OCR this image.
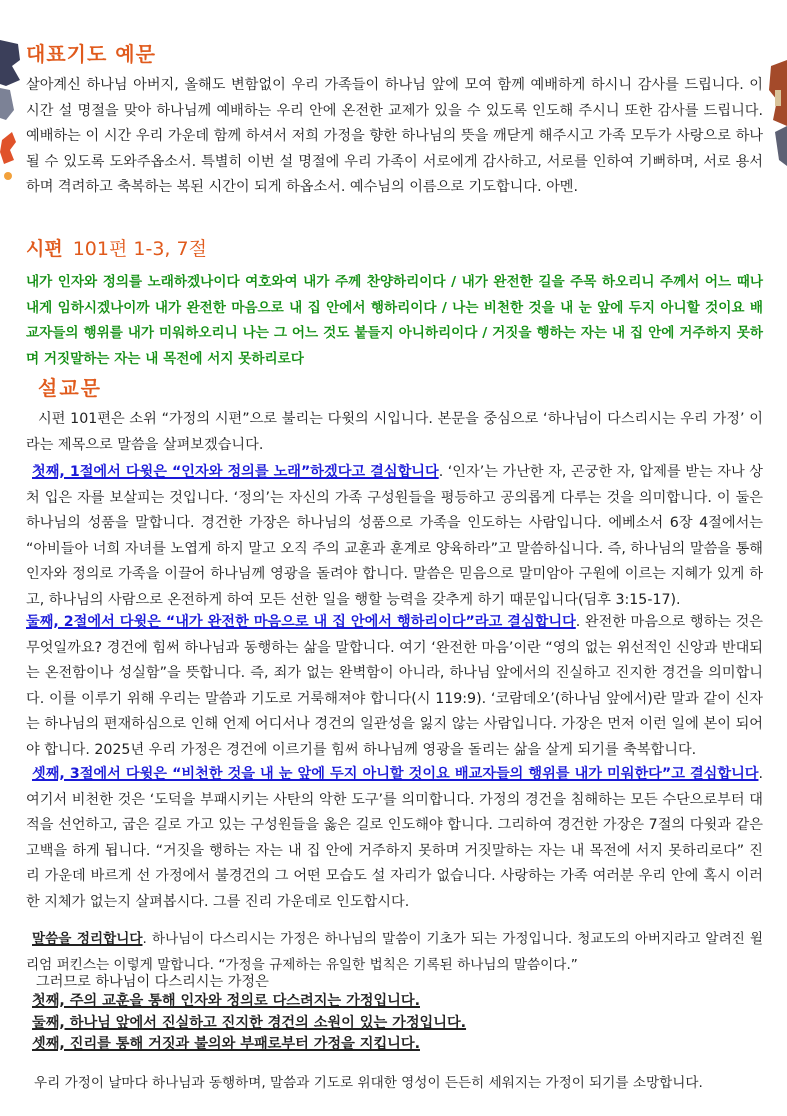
대표기도 예문

살아계신 하나님 아버지, 올해도 변함없이 우리 가족들이 하나님 앞에 모여 함께 예배하게 하시니 감사를 드립니다. 이 시간 설 명절을 맞아 하나님께 예배하는 우리 안에 온전한 교제가 있을 수 있도록 인도해 주시니 또한 감사를 드립니다. 예배하는 이 시간 우리 가운데 함께 하셔서 저희 가정을 향한 하나님의 뜻을 깨닫게 해주시고 가족 모두가 사랑으로 하나될 수 있도록 도와주옵소서. 특별히 이번 설 명절에 우리 가족이 서로에게 감사하고, 서로를 인하여 기뻐하며, 서로 용서하며 격려하고 축복하는 복된 시간이 되게 하옵소서. 예수님의 이름으로 기도합니다. 아멘.

시편 101편 1-3, 7절

내가 인자와 정의를 노래하겠나이다 여호와여 내가 주께 찬양하리이다 / 내가 완전한 길을 주목 하오리니 주께서 어느 때나 내게 임하시겠나이까 내가 완전한 마음으로 내 집 안에서 행하리이다 / 나는 비천한 것을 내 눈 앞에 두지 아니할 것이요 배교자들의 행위를 내가 미워하오리니 나는 그 어느 것도 붙들지 아니하리이다 / 거짓을 행하는 자는 내 집 안에 거주하지 못하며 거짓말하는 자는 내 목전에 서지 못하리로다

설교문

시편 101편은 소위 “가정의 시편”으로 불리는 다윗의 시입니다. 본문을 중심으로 ‘하나님이 다스리시는 우리 가정’ 이라는 제목으로 말씀을 살펴보겠습니다.

첫째, 1절에서 다윗은 “인자와 정의를 노래”하겠다고 결심합니다. ‘인자’는 가난한 자, 곤궁한 자, 압제를 받는 자나 상처 입은 자를 보살피는 것입니다. ‘정의’는 자신의 가족 구성원들을 평등하고 공의롭게 다루는 것을 의미합니다. 이 둘은 하나님의 성품을 말합니다. 경건한 가장은 하나님의 성품으로 가족을 인도하는 사람입니다. 에베소서 6장 4절에서는 “아비들아 너희 자녀를 노엽게 하지 말고 오직 주의 교훈과 훈계로 양육하라”고 말씀하십니다. 즉, 하나님의 말씀을 통해 인자와 정의로 가족을 이끌어 하나님께 영광을 돌려야 합니다. 말씀은 믿음으로 말미암아 구원에 이르는 지혜가 있게 하고, 하나님의 사람으로 온전하게 하여 모든 선한 일을 행할 능력을 갖추게 하기 때문입니다(딤후 3:15-17).

둘째, 2절에서 다윗은 “내가 완전한 마음으로 내 집 안에서 행하리이다”라고 결심합니다. 완전한 마음으로 행하는 것은 무엇일까요? 경건에 힘써 하나님과 동행하는 삶을 말합니다. 여기 ‘완전한 마음’이란 “영의 없는 위선적인 신앙과 반대되는 온전함이나 성실함”을 뜻합니다. 즉, 죄가 없는 완벽함이 아니라, 하나님 앞에서의 진실하고 진지한 경건을 의미합니다. 이를 이루기 위해 우리는 말씀과 기도로 거룩해져야 합니다(시 119:9). ‘코람데오’(하나님 앞에서)란 말과 같이 신자는 하나님의 편재하심으로 인해 언제 어디서나 경건의 일관성을 잃지 않는 사람입니다. 가장은 먼저 이런 일에 본이 되어야 합니다. 2025년 우리 가정은 경건에 이르기를 힘써 하나님께 영광을 돌리는 삶을 살게 되기를 축복합니다.

셋째, 3절에서 다윗은 “비천한 것을 내 눈 앞에 두지 아니할 것이요 배교자들의 행위를 내가 미워한다”고 결심합니다. 여기서 비천한 것은 ‘도덕을 부패시키는 사탄의 악한 도구’를 의미합니다. 가정의 경건을 침해하는 모든 수단으로부터 대적을 선언하고, 굽은 길로 가고 있는 구성원들을 옳은 길로 인도해야 합니다. 그리하여 경건한 가장은 7절의 다윗과 같은 고백을 하게 됩니다. “거짓을 행하는 자는 내 집 안에 거주하지 못하며 거짓말하는 자는 내 목전에 서지 못하리로다” 진리 가운데 바르게 선 가정에서 불경건의 그 어떤 모습도 설 자리가 없습니다. 사랑하는 가족 여러분 우리 안에 혹시 이러한 지체가 없는지 살펴봅시다. 그를 진리 가운데로 인도합시다.

말씀을 정리합니다. 하나님이 다스리시는 가정은 하나님의 말씀이 기초가 되는 가정입니다. 청교도의 아버지라고 알려진 윌리엄 퍼킨스는 이렇게 말합니다. “가정을 규제하는 유일한 법칙은 기록된 하나님의 말씀이다.”

그러므로 하나님이 다스리시는 가정은
첫째, 주의 교훈을 통해 인자와 정의로 다스려지는 가정입니다.
둘째, 하나님 앞에서 진실하고 진지한 경건의 소원이 있는 가정입니다.
셋째, 진리를 통해 거짓과 불의와 부패로부터 가정을 지킵니다.
우리 가정이 날마다 하나님과 동행하며, 말씀과 기도로 위대한 영성이 든든히 세워지는 가정이 되기를 소망합니다.
